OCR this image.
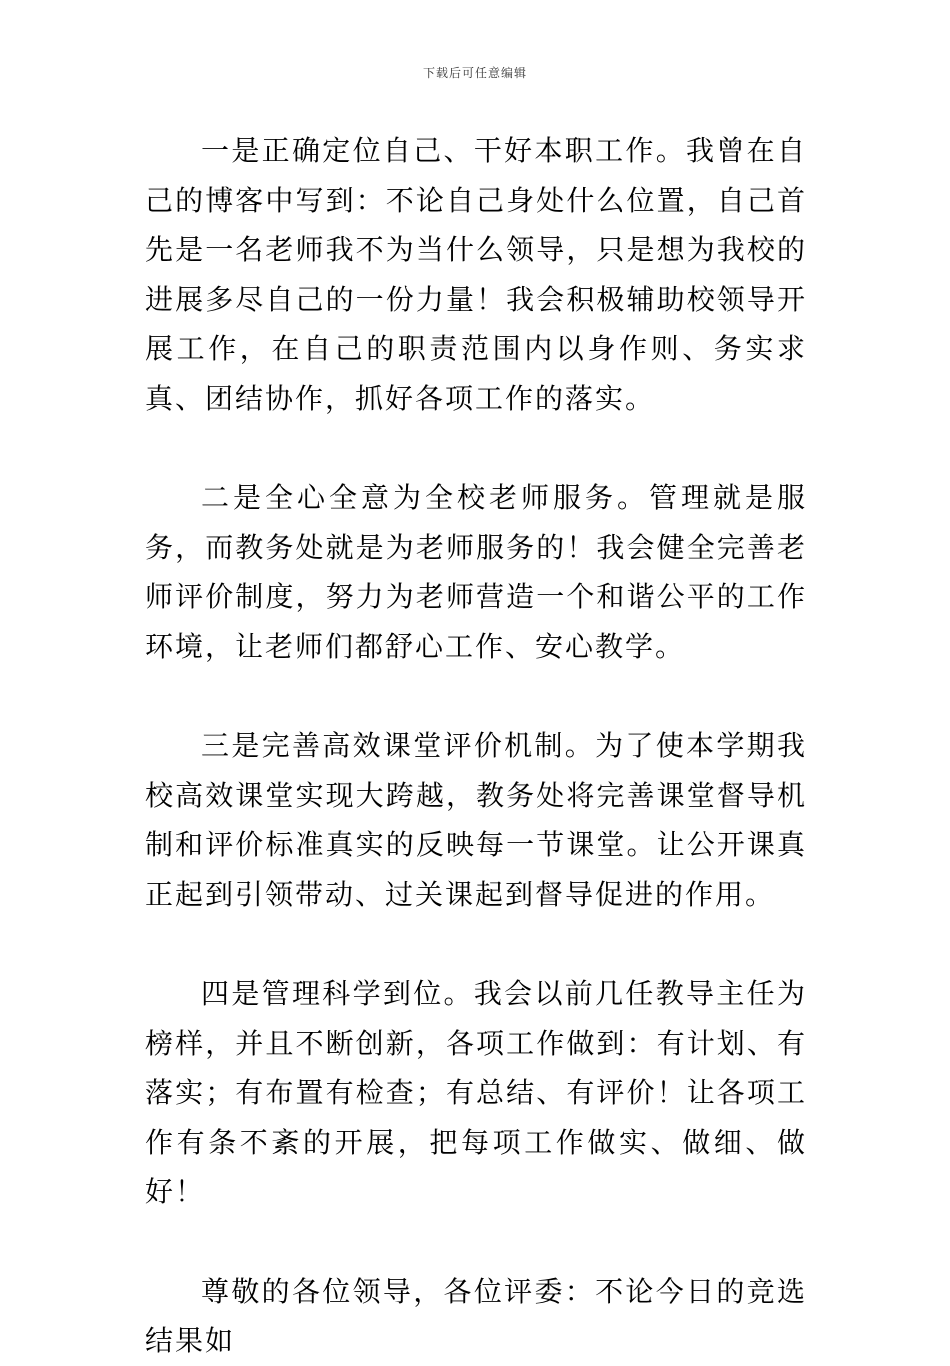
下载后可任意编辑

一是正确定位自己、干好本职工作。我曾在自己的博客中写到：不论自己身处什么位置，自己首先是一名老师我不为当什么领导，只是想为我校的进展多尽自己的一份力量！我会积极辅助校领导开展工作，在自己的职责范围内以身作则、务实求真、团结协作，抓好各项工作的落实。

二是全心全意为全校老师服务。管理就是服务，而教务处就是为老师服务的！我会健全完善老师评价制度，努力为老师营造一个和谐公平的工作环境，让老师们都舒心工作、安心教学。

三是完善高效课堂评价机制。为了使本学期我校高效课堂实现大跨越，教务处将完善课堂督导机制和评价标准真实的反映每一节课堂。让公开课真正起到引领带动、过关课起到督导促进的作用。

四是管理科学到位。我会以前几任教导主任为榜样，并且不断创新，各项工作做到：有计划、有落实；有布置有检查；有总结、有评价！让各项工作有条不紊的开展，把每项工作做实、做细、做好！

尊敬的各位领导，各位评委：不论今日的竞选结果如
